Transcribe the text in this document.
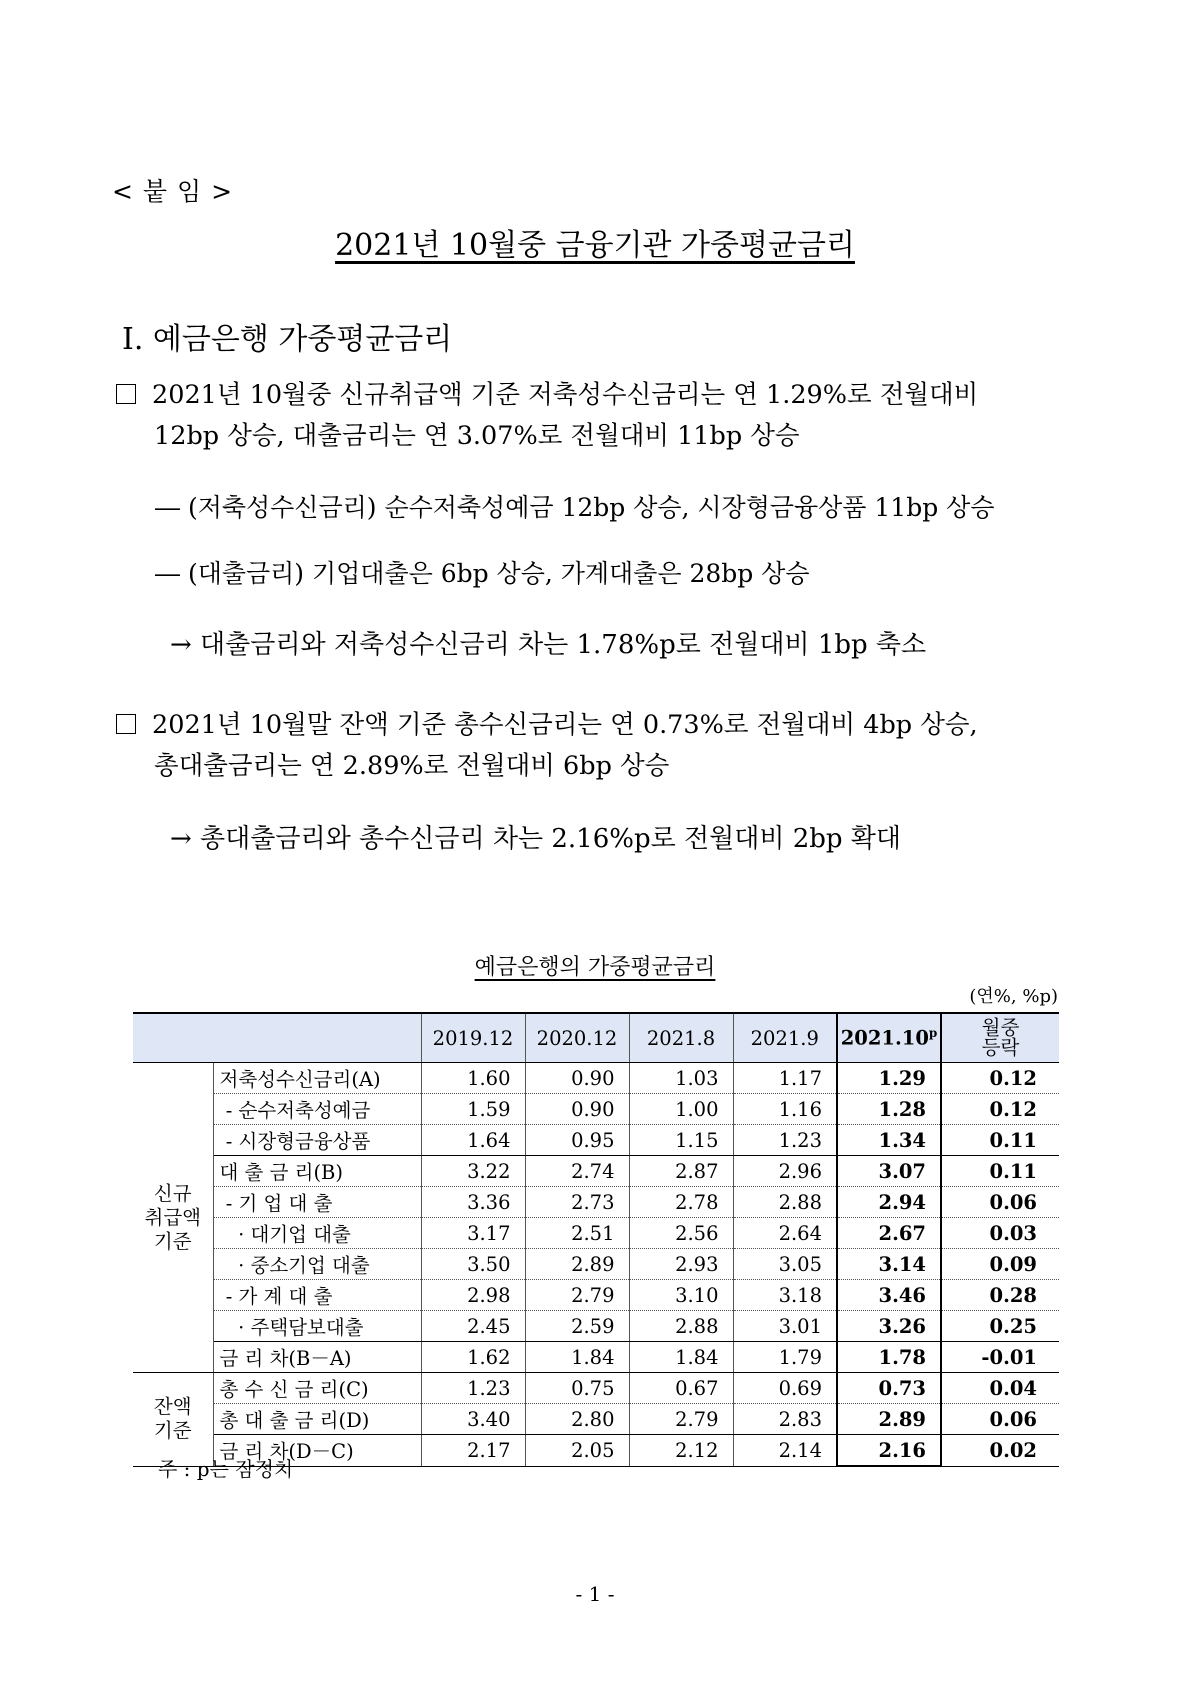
< 붙 임 >
2021년 10월중 금융기관 가중평균금리
Ⅰ. 예금은행 가중평균금리
2021년 10월중 신규취급액 기준 저축성수신금리는 연 1.29%로 전월대비
12bp 상승, 대출금리는 연 3.07%로 전월대비 11bp 상승
― (저축성수신금리) 순수저축성예금 12bp 상승, 시장형금융상품 11bp 상승
― (대출금리) 기업대출은 6bp 상승, 가계대출은 28bp 상승
→ 대출금리와 저축성수신금리 차는 1.78%p로 전월대비 1bp 축소
2021년 10월말 잔액 기준 총수신금리는 연 0.73%로 전월대비 4bp 상승,
총대출금리는 연 2.89%로 전월대비 6bp 상승
→ 총대출금리와 총수신금리 차는 2.16%p로 전월대비 2bp 확대
예금은행의 가중평균금리
(연%, %p)
		2019.12	2020.12	2021.8	2021.9	2021.10$^p$	월중
등락
신규
취급액
기준	저축성수신금리(A)	1.60	0.90	1.03	1.17	1.29	0.12
	- 순수저축성예금	1.59	0.90	1.00	1.16	1.28	0.12
	- 시장형금융상품	1.64	0.95	1.15	1.23	1.34	0.11
	대 출 금 리(B)	3.22	2.74	2.87	2.96	3.07	0.11
	- 기 업 대 출	3.36	2.73	2.78	2.88	2.94	0.06
	· 대기업 대출	3.17	2.51	2.56	2.64	2.67	0.03
	· 중소기업 대출	3.50	2.89	2.93	3.05	3.14	0.09
	- 가 계 대 출	2.98	2.79	3.10	3.18	3.46	0.28
	· 주택담보대출	2.45	2.59	2.88	3.01	3.26	0.25
	금 리 차(B－A)	1.62	1.84	1.84	1.79	1.78	-0.01
잔액
기준	총 수 신 금 리(C)	1.23	0.75	0.67	0.69	0.73	0.04
	총 대 출 금 리(D)	3.40	2.80	2.79	2.83	2.89	0.06
	금 리 차(D－C)	2.17	2.05	2.12	2.14	2.16	0.02
주 : p는 잠정치
- 1 -
